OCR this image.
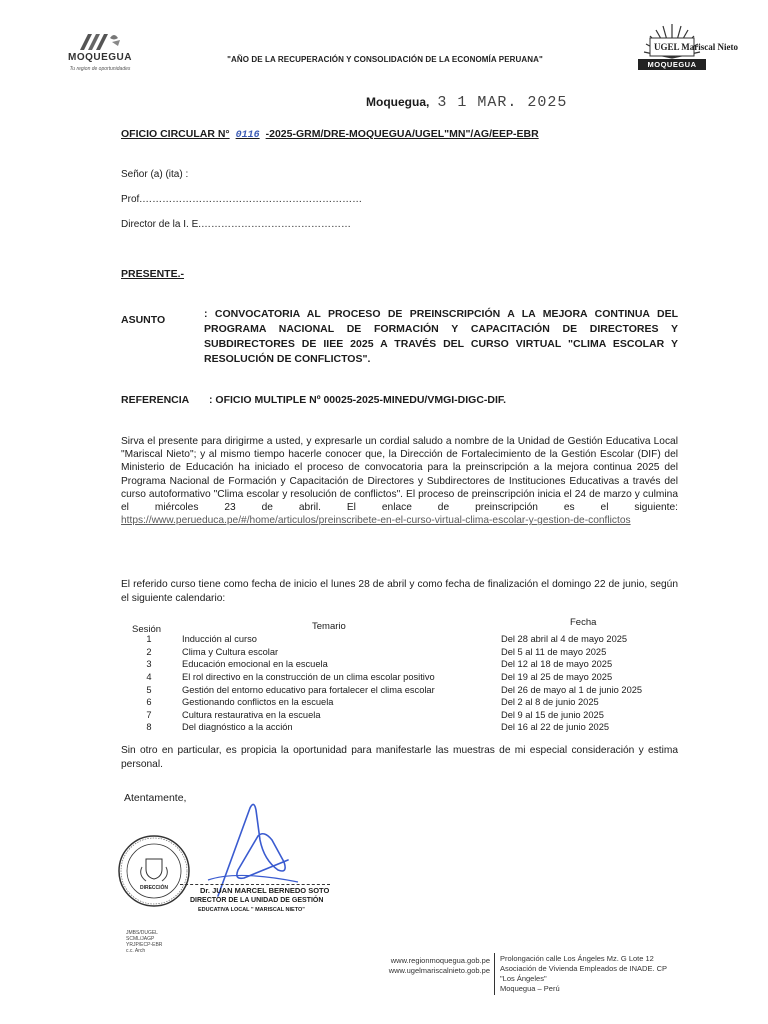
MOQUEGUA
Tu region de oportunidades
"AÑO DE LA RECUPERACIÓN Y CONSOLIDACIÓN DE LA ECONOMÍA PERUANA"
UGEL Mariscal Nieto
MOQUEGUA
Moquegua, 3 1 MAR. 2025
OFICIO CIRCULAR N° 0116 -2025-GRM/DRE-MOQUEGUA/UGEL"MN"/AG/EEP-EBR
Señor (a) (ita) :
Prof.…………………………………………………………
Director de la I. E.………………………………………
PRESENTE.-
ASUNTO	: CONVOCATORIA AL PROCESO DE PREINSCRIPCIÓN A LA MEJORA CONTINUA DEL PROGRAMA NACIONAL DE FORMACIÓN Y CAPACITACIÓN DE DIRECTORES Y SUBDIRECTORES DE IIEE 2025 A TRAVÉS DEL CURSO VIRTUAL "CLIMA ESCOLAR Y RESOLUCIÓN DE CONFLICTOS".
REFERENCIA : OFICIO MULTIPLE Nº 00025-2025-MINEDU/VMGI-DIGC-DIF.
Sirva el presente para dirigirme a usted, y expresarle un cordial saludo a nombre de la Unidad de Gestión Educativa Local "Mariscal Nieto"; y al mismo tiempo hacerle conocer que, la Dirección de Fortalecimiento de la Gestión Escolar (DIF) del Ministerio de Educación ha iniciado el proceso de convocatoria para la preinscripción a la mejora continua 2025 del Programa Nacional de Formación y Capacitación de Directores y Subdirectores de Instituciones Educativas a través del curso autoformativo "Clima escolar y resolución de conflictos". El proceso de preinscripción inicia el 24 de marzo y culmina el miércoles 23 de abril. El enlace de preinscripción es el siguiente: https://www.perueduca.pe/#/home/articulos/preinscribete-en-el-curso-virtual-clima-escolar-y-gestion-de-conflictos
El referido curso tiene como fecha de inicio el lunes 28 de abril y como fecha de finalización el domingo 22 de junio, según el siguiente calendario:
Sesión	Temario	Fecha
1	Inducción al curso	Del 28 abril al 4 de mayo 2025
2	Clima y Cultura escolar	Del 5 al 11 de mayo 2025
3	Educación emocional en la escuela	Del 12 al 18 de mayo 2025
4	El rol directivo en la construcción de un clima escolar positivo	Del 19 al 25 de mayo 2025
5	Gestión del entorno educativo para fortalecer el clima escolar	Del 26 de mayo al 1 de junio 2025
6	Gestionando conflictos en la escuela	Del 2 al 8 de junio 2025
7	Cultura restaurativa en la escuela	Del 9 al 15 de junio 2025
8	Del diagnóstico a la acción	Del 16 al 22 de junio 2025
Sin otro en particular, es propicia la oportunidad para manifestarle las muestras de mi especial consideración y estima personal.
Atentamente,
DIRECCIÓN	Dr. JUAN MARCEL BERNEDO SOTO
DIRECTOR DE LA UNIDAD DE GESTIÓN
EDUCATIVA LOCAL " MARISCAL NIETO"
JMBS/DUGEL
SCML/JAGP
YRJP/ECP-EBR
c.c. Arch
www.regionmoquegua.gob.pe
www.ugelmariscalnieto.gob.pe
Prolongación calle Los Ángeles Mz. G Lote 12
Asociación de Vivienda Empleados de INADE. CP
"Los Ángeles"
Moquegua – Perú
